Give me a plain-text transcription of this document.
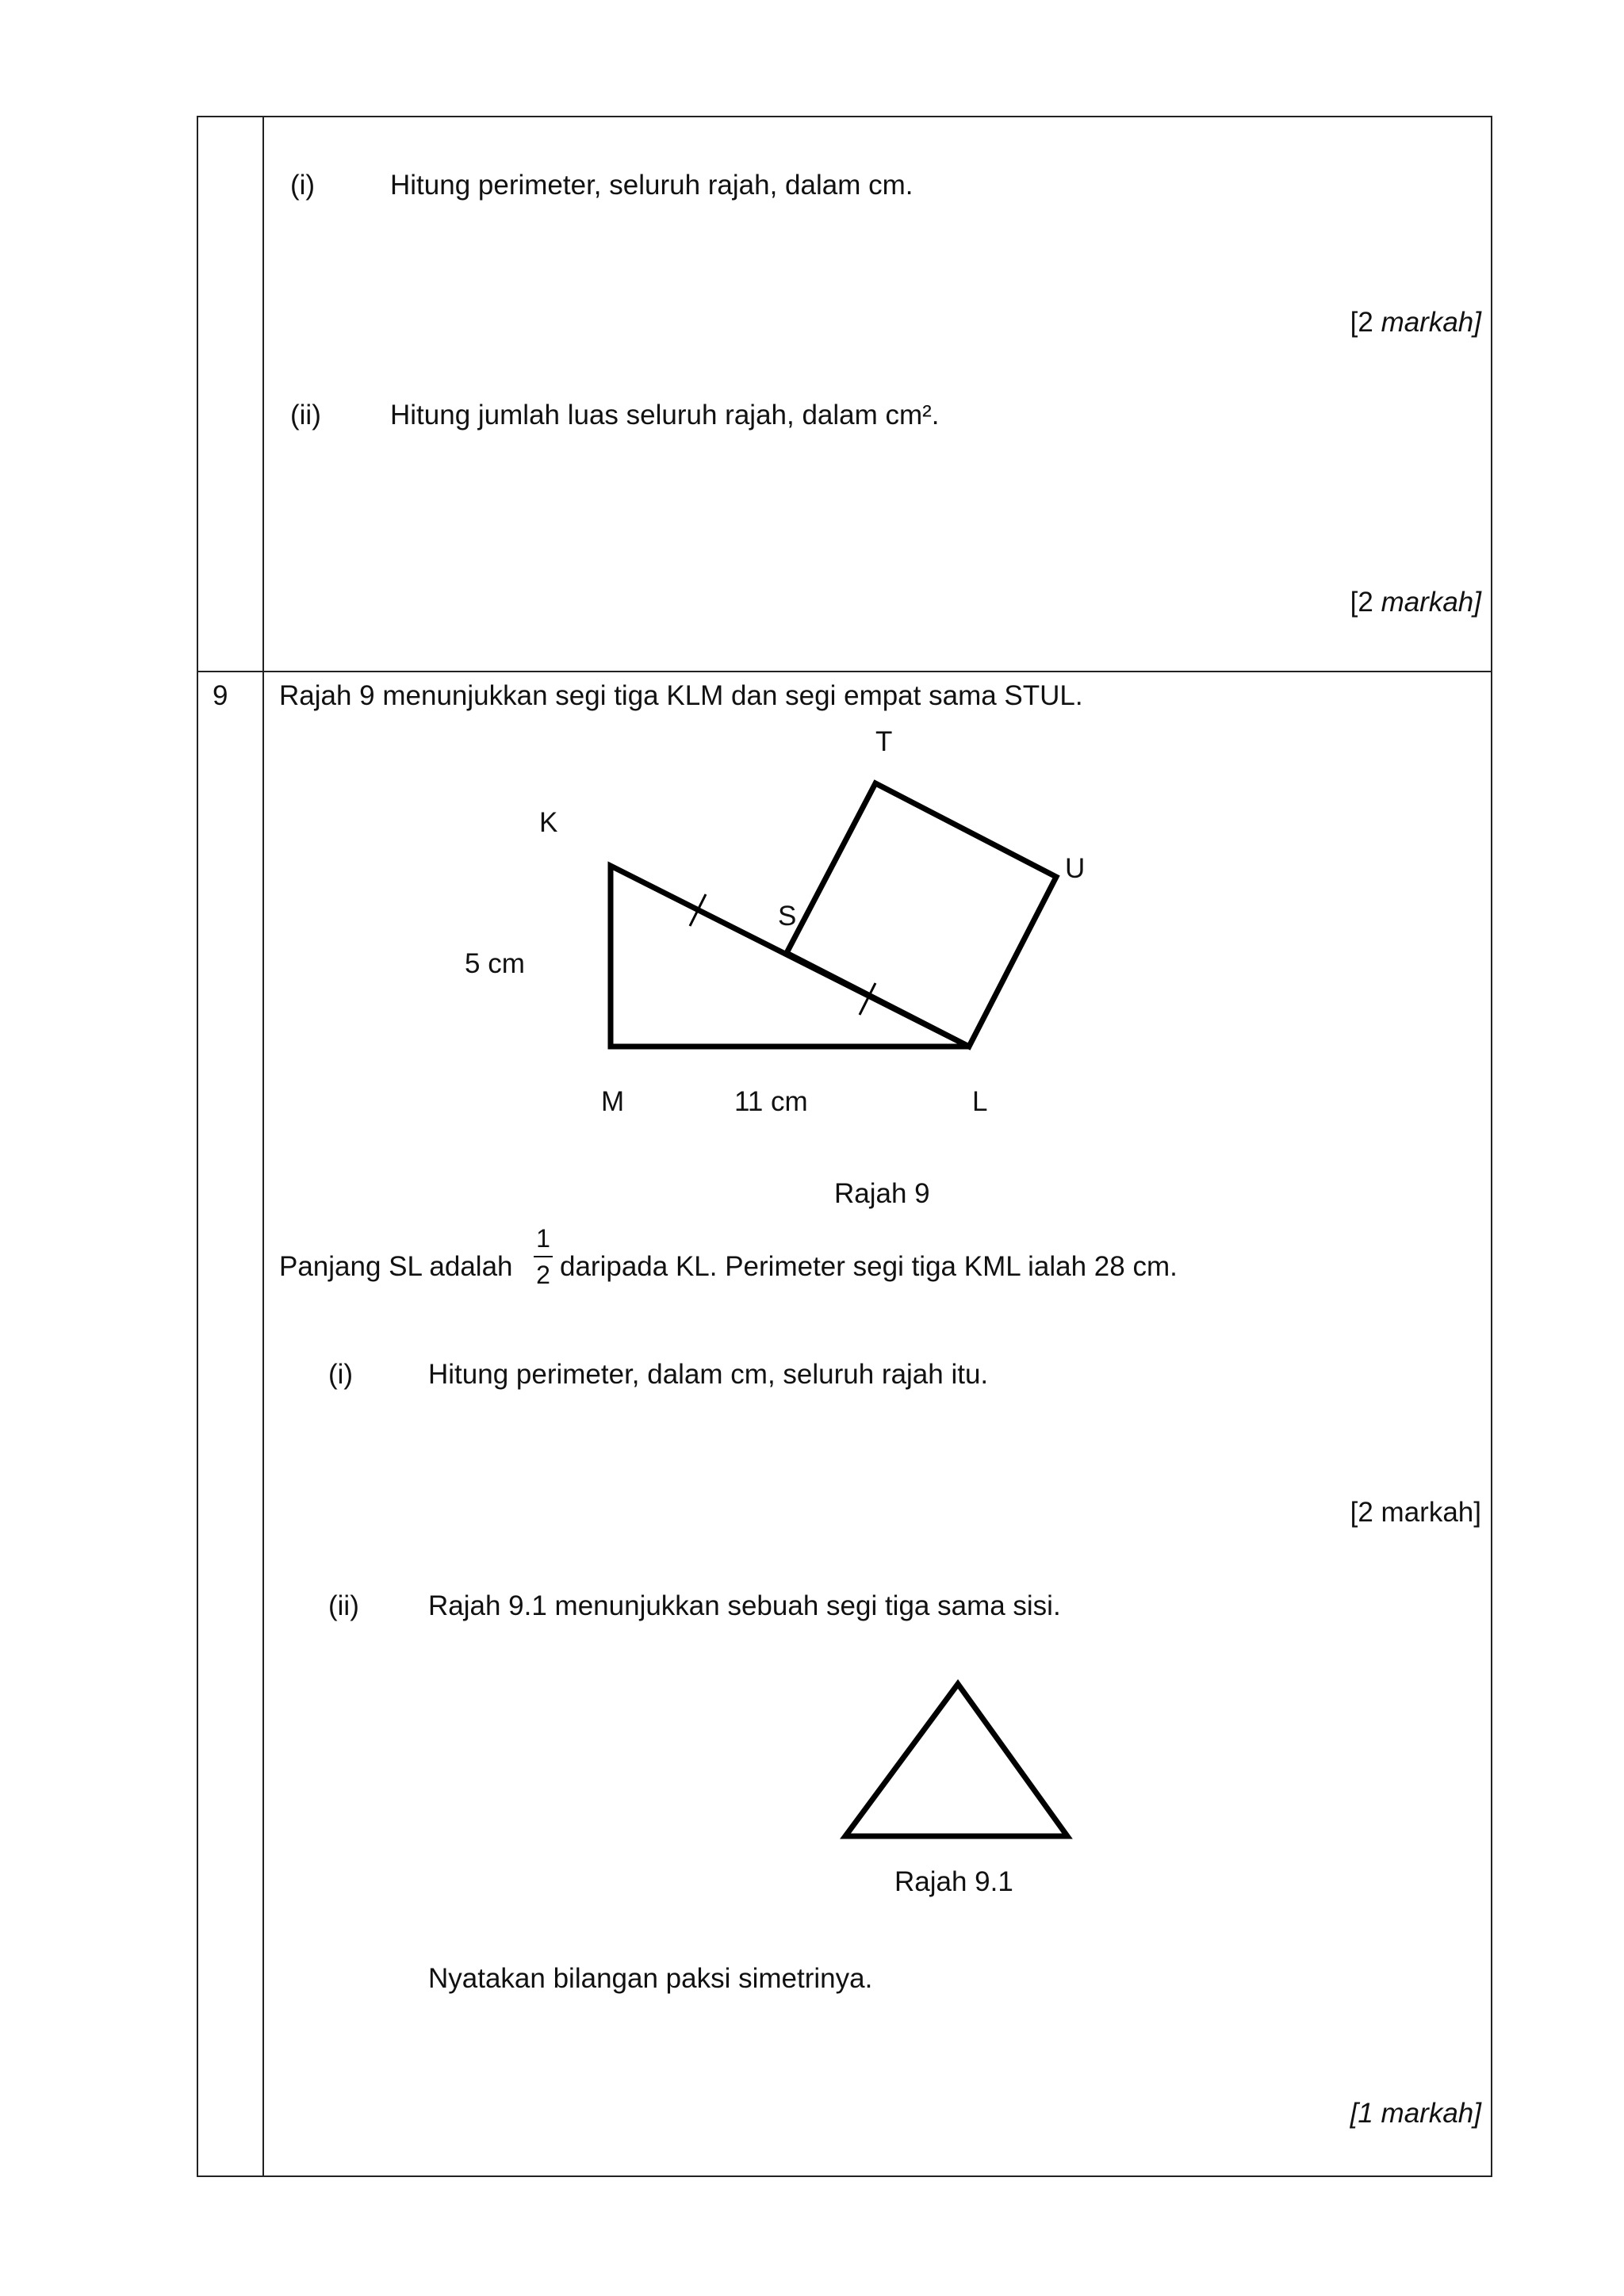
(i)	Hitung perimeter, seluruh rajah, dalam cm.
[2 markah]
(ii) Hitung jumlah luas seluruh rajah, dalam cm².
[2 markah]
9 Rajah 9 menunjukkan segi tiga KLM dan segi empat sama STUL.
T
K
U
S
5 cm
M	11 cm	L
Rajah 9
Panjang SL adalah
1
2 daripada KL. Perimeter segi tiga KML ialah 28 cm.
(i)	Hitung perimeter, dalam cm, seluruh rajah itu.
[2 markah]
(ii) Rajah 9.1 menunjukkan sebuah segi tiga sama sisi.
Rajah 9.1
Nyatakan bilangan paksi simetrinya.
[1 markah]
